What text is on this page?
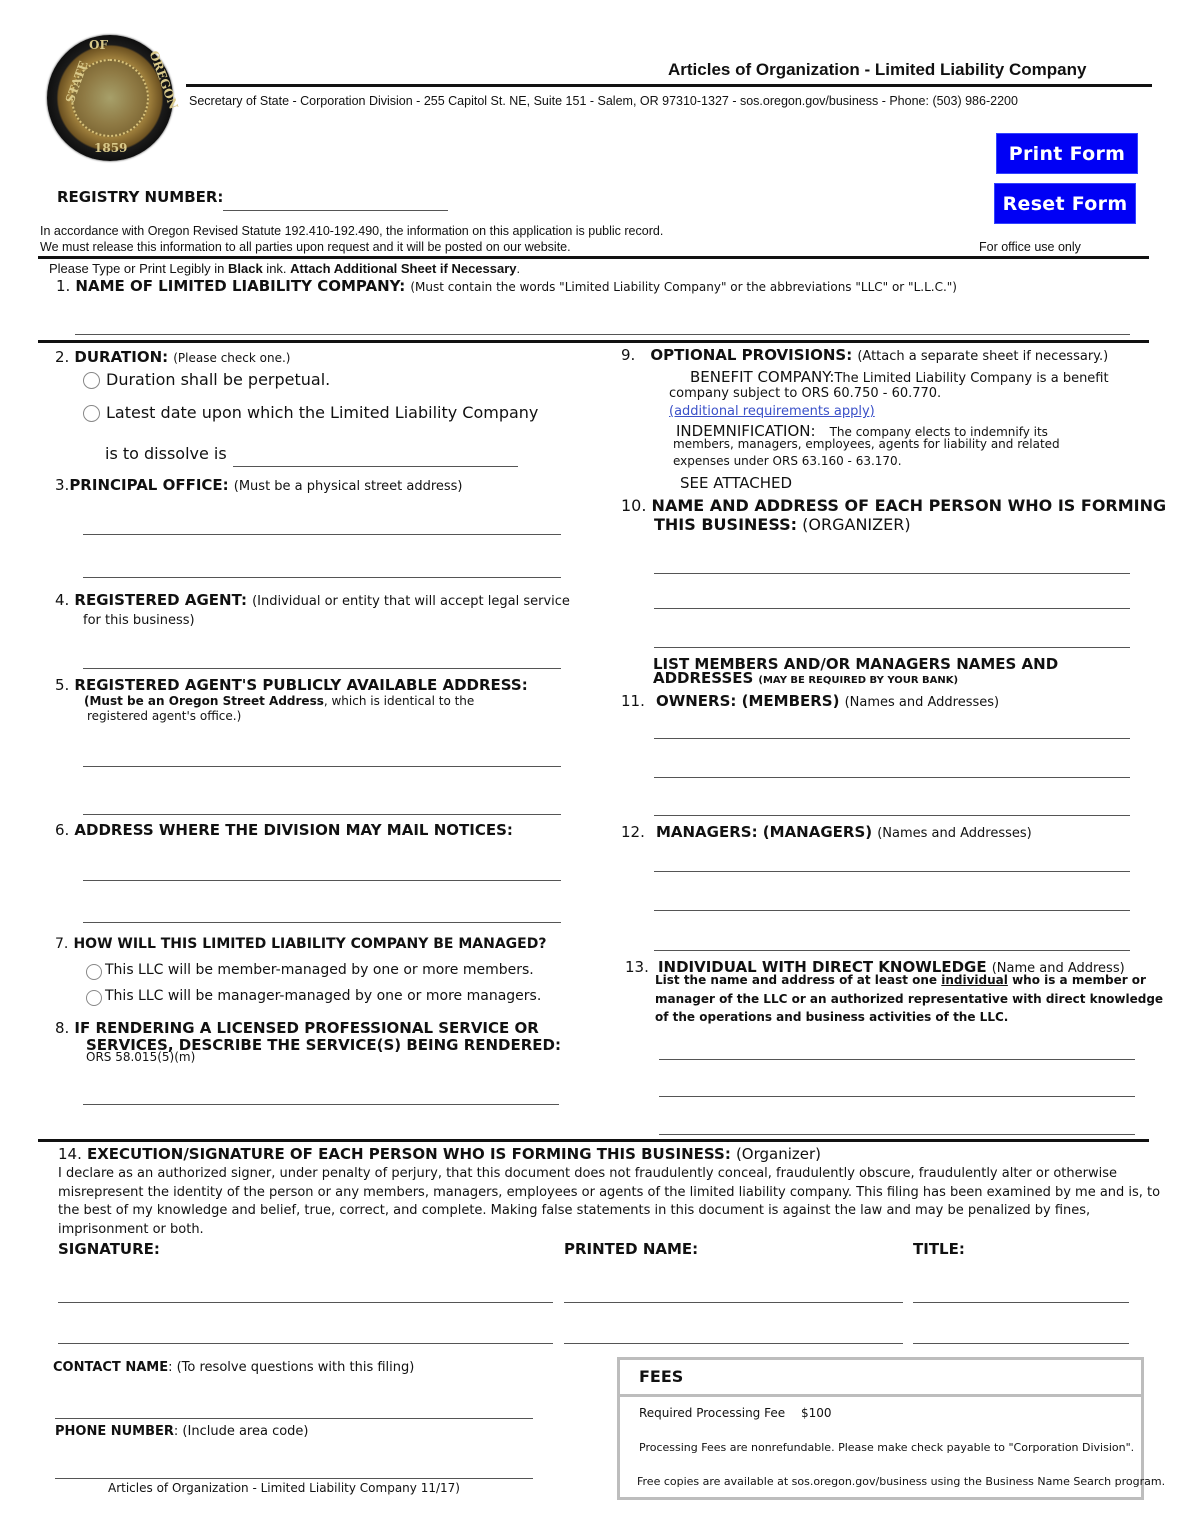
OF
STATE	OREGON
1859
Articles of Organization - Limited Liability Company
Secretary of State - Corporation Division - 255 Capitol St. NE, Suite 151 - Salem, OR 97310-1327 - sos.oregon.gov/business - Phone: (503) 986-2200
Print Form
Reset Form
REGISTRY NUMBER:
In accordance with Oregon Revised Statute 192.410-192.490, the information on this application is public record.
We must release this information to all parties upon request and it will be posted on our website.	For office use only
Please Type or Print Legibly in Black ink. Attach Additional Sheet if Necessary.
1. NAME OF LIMITED LIABILITY COMPANY: (Must contain the words "Limited Liability Company" or the abbreviations "LLC" or "L.L.C.")
2. DURATION: (Please check one.)
Duration shall be perpetual.
Latest date upon which the Limited Liability Company
is to dissolve is
3.PRINCIPAL OFFICE: (Must be a physical street address)
4. REGISTERED AGENT: (Individual or entity that will accept legal service
for this business)
5. REGISTERED AGENT'S PUBLICLY AVAILABLE ADDRESS:
(Must be an Oregon Street Address, which is identical to the
registered agent's office.)
6. ADDRESS WHERE THE DIVISION MAY MAIL NOTICES:
7. HOW WILL THIS LIMITED LIABILITY COMPANY BE MANAGED?
This LLC will be member-managed by one or more members.
This LLC will be manager-managed by one or more managers.
8. IF RENDERING A LICENSED PROFESSIONAL SERVICE OR
SERVICES, DESCRIBE THE SERVICE(S) BEING RENDERED:
ORS 58.015(5)(m)
9. OPTIONAL PROVISIONS: (Attach a separate sheet if necessary.)
BENEFIT COMPANY:The Limited Liability Company is a benefit
company subject to ORS 60.750 - 60.770.
(additional requirements apply)
INDEMNIFICATION: The company elects to indemnify its
members, managers, employees, agents for liability and related
expenses under ORS 63.160 - 63.170.
SEE ATTACHED
10. NAME AND ADDRESS OF EACH PERSON WHO IS FORMING
THIS BUSINESS: (ORGANIZER)
LIST MEMBERS AND/OR MANAGERS NAMES AND
ADDRESSES (MAY BE REQUIRED BY YOUR BANK)
11. OWNERS: (MEMBERS) (Names and Addresses)
12. MANAGERS: (MANAGERS) (Names and Addresses)
13. INDIVIDUAL WITH DIRECT KNOWLEDGE (Name and Address)
List the name and address of at least one individual who is a member or
manager of the LLC or an authorized representative with direct knowledge
of the operations and business activities of the LLC.
14. EXECUTION/SIGNATURE OF EACH PERSON WHO IS FORMING THIS BUSINESS: (Organizer)
I declare as an authorized signer, under penalty of perjury, that this document does not fraudulently conceal, fraudulently obscure, fraudulently alter or otherwise
misrepresent the identity of the person or any members, managers, employees or agents of the limited liability company. This filing has been examined by me and is, to
the best of my knowledge and belief, true, correct, and complete. Making false statements in this document is against the law and may be penalized by fines,
imprisonment or both.
SIGNATURE:	PRINTED NAME:	TITLE:
CONTACT NAME: (To resolve questions with this filing)
PHONE NUMBER: (Include area code)
Articles of Organization - Limited Liability Company 11/17)
FEES
Required Processing Fee $100
Processing Fees are nonrefundable. Please make check payable to "Corporation Division".
Free copies are available at sos.oregon.gov/business using the Business Name Search program.
